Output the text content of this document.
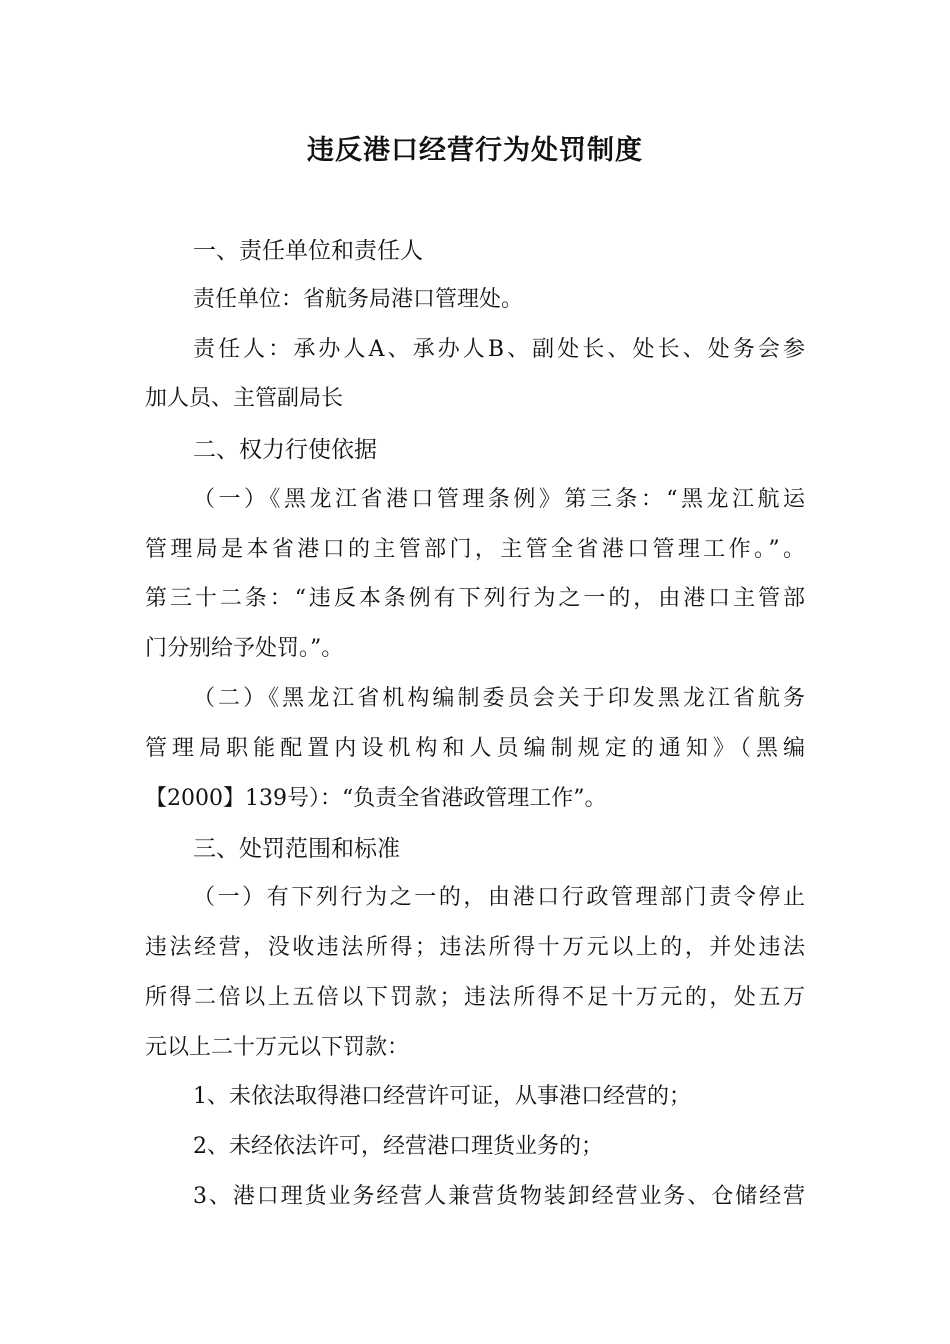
违反港口经营行为处罚制度
一、责任单位和责任人
责任单位：省航务局港口管理处。
责任人：承办人A、承办人B、副处长、处长、处务会参
加人员、主管副局长
二、权力行使依据
（一）《黑龙江省港口管理条例》第三条：“黑龙江航运
管理局是本省港口的主管部门，主管全省港口管理工作。”。
第三十二条：“违反本条例有下列行为之一的，由港口主管部
门分别给予处罚。”。
（二）《黑龙江省机构编制委员会关于印发黑龙江省航务
管理局职能配置内设机构和人员编制规定的通知》（黑编
【2000】139号）：“负责全省港政管理工作”。
三、处罚范围和标准
（一）有下列行为之一的，由港口行政管理部门责令停止
违法经营，没收违法所得；违法所得十万元以上的，并处违法
所得二倍以上五倍以下罚款；违法所得不足十万元的，处五万
元以上二十万元以下罚款：
1、未依法取得港口经营许可证，从事港口经营的；
2、未经依法许可，经营港口理货业务的；
3、港口理货业务经营人兼营货物装卸经营业务、仓储经营
